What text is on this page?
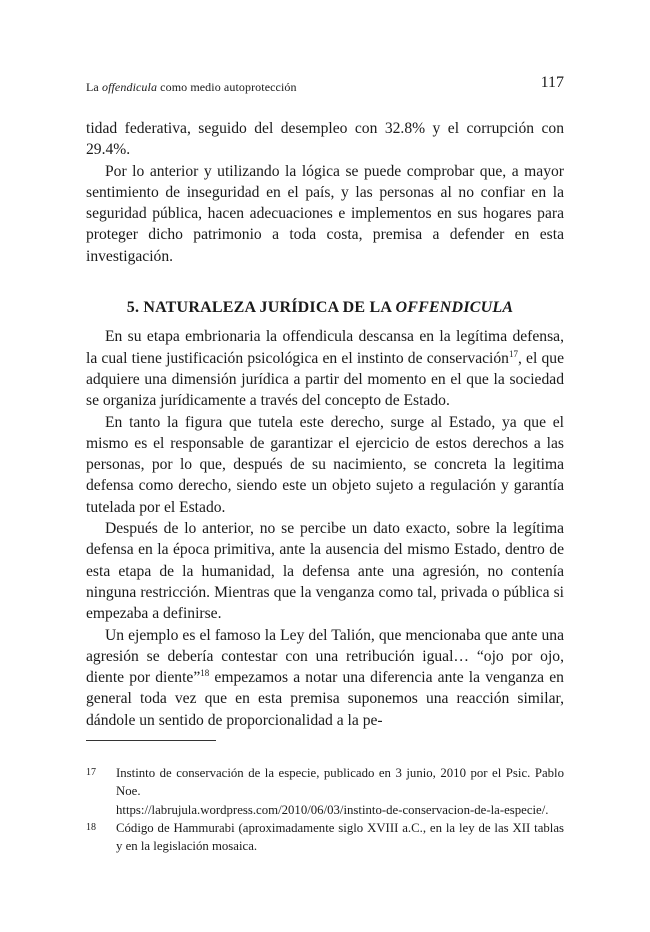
La offendicula como medio autoprotección	117

tidad federativa, seguido del desempleo con 32.8% y el corrupción con 29.4%.

Por lo anterior y utilizando la lógica se puede comprobar que, a mayor sentimiento de inseguridad en el país, y las personas al no confiar en la seguridad pública, hacen adecuaciones e implementos en sus hogares para proteger dicho patrimonio a toda costa, premisa a defender en esta investigación.

5. NATURALEZA JURÍDICA DE LA OFFENDICULA

En su etapa embrionaria la offendicula descansa en la legítima defensa, la cual tiene justificación psicológica en el instinto de conservación$^{17}$, el que adquiere una dimensión jurídica a partir del momento en el que la sociedad se organiza jurídicamente a través del concepto de Estado.

En tanto la figura que tutela este derecho, surge al Estado, ya que el mismo es el responsable de garantizar el ejercicio de estos derechos a las personas, por lo que, después de su nacimiento, se concreta la legitima defensa como derecho, siendo este un objeto sujeto a regulación y garantía tutelada por el Estado.

Después de lo anterior, no se percibe un dato exacto, sobre la legítima defensa en la época primitiva, ante la ausencia del mismo Estado, dentro de esta etapa de la humanidad, la defensa ante una agresión, no contenía ninguna restricción. Mientras que la venganza como tal, privada o pública si empezaba a definirse.

Un ejemplo es el famoso la Ley del Talión, que mencionaba que ante una agresión se debería contestar con una retribución igual… “ojo por ojo, diente por diente”$^{18}$ empezamos a notar una diferencia ante la venganza en general toda vez que en esta premisa suponemos una reacción similar, dándole un sentido de proporcionalidad a la pe-

17	Instinto de conservación de la especie, publicado en 3 junio, 2010 por el Psic. Pablo Noe.
https://labrujula.wordpress.com/2010/06/03/instinto-de-conservacion-de-la-especie/.
18	Código de Hammurabi (aproximadamente siglo XVIII a.C., en la ley de las XII tablas y en la legislación mosaica.
